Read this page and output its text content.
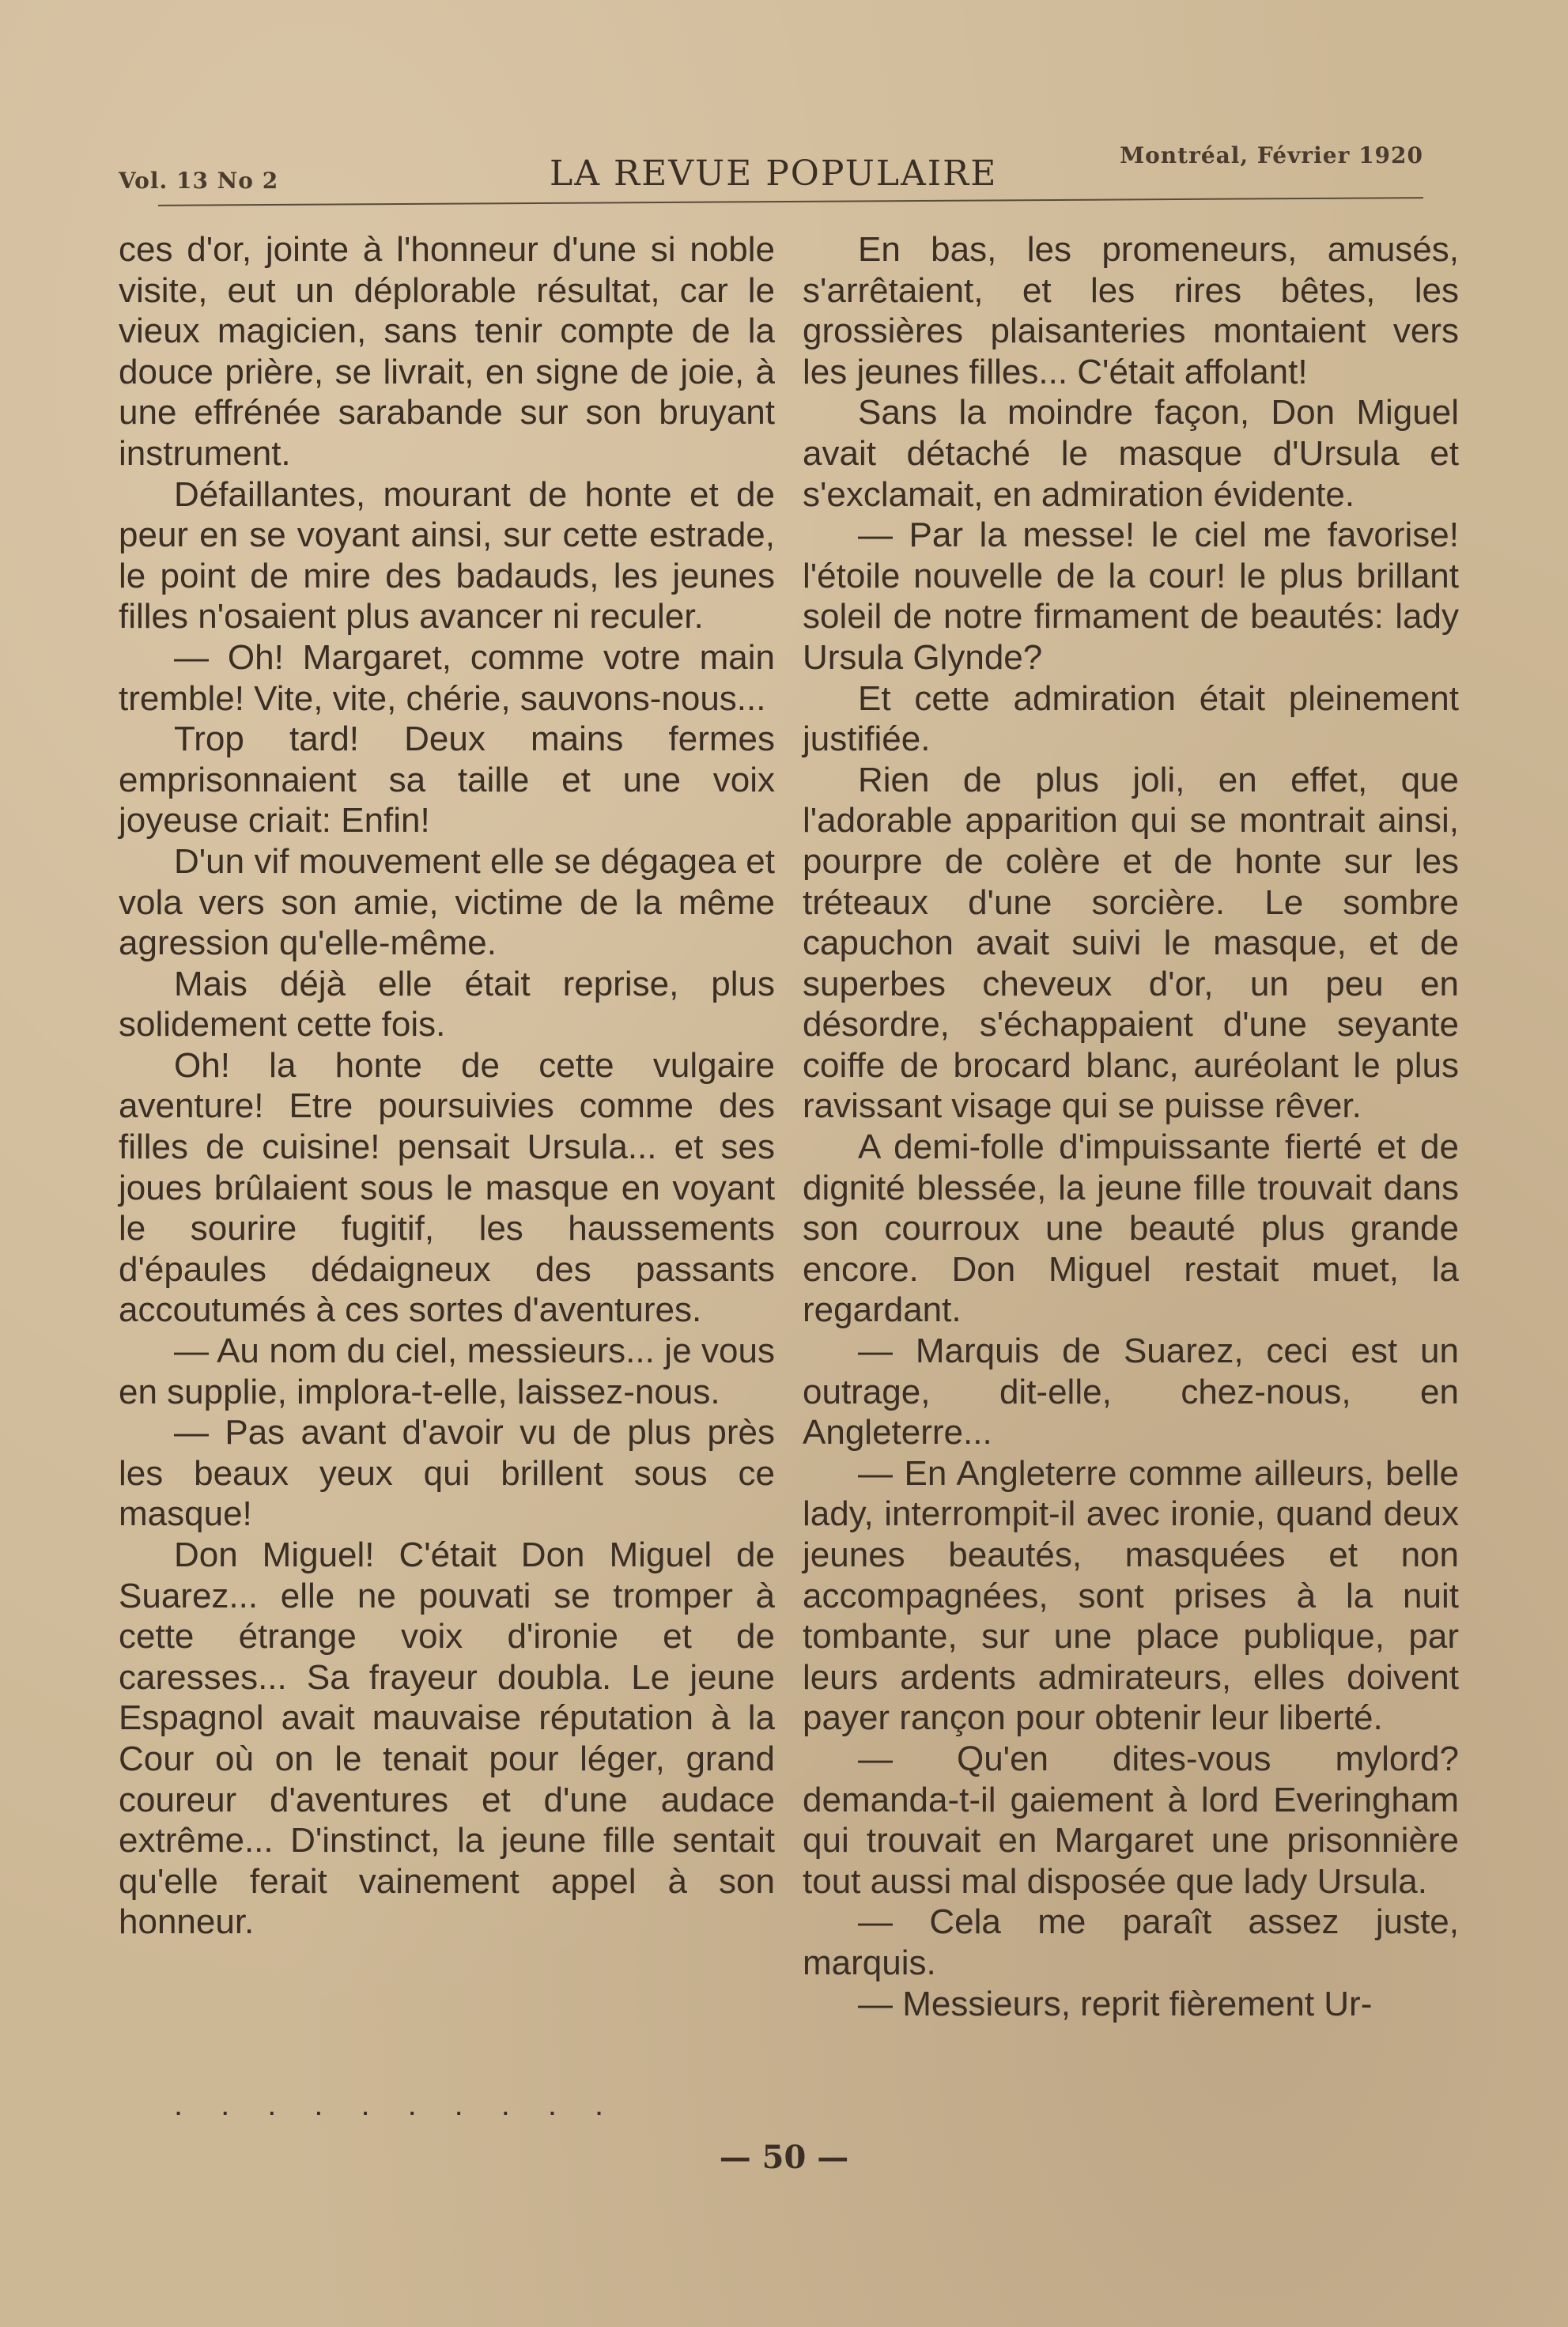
Vol. 13 No 2	LA REVUE POPULAIRE	Montréal, Février 1920

ces d'or, jointe à l'honneur d'une si noble visite, eut un déplorable résultat, car le vieux magicien, sans tenir compte de la douce prière, se livrait, en signe de joie, à une effrénée sarabande sur son bruyant instrument.

Défaillantes, mourant de honte et de peur en se voyant ainsi, sur cette estrade, le point de mire des badauds, les jeunes filles n'osaient plus avancer ni reculer.

— Oh! Margaret, comme votre main tremble! Vite, vite, chérie, sauvons-nous...

Trop tard! Deux mains fermes emprisonnaient sa taille et une voix joyeuse criait: Enfin!

D'un vif mouvement elle se dégagea et vola vers son amie, victime de la même agression qu'elle-même.

Mais déjà elle était reprise, plus solidement cette fois.

Oh! la honte de cette vulgaire aventure! Etre poursuivies comme des filles de cuisine! pensait Ursula... et ses joues brûlaient sous le masque en voyant le sourire fugitif, les haussements d'épaules dédaigneux des passants accoutumés à ces sortes d'aventures.

— Au nom du ciel, messieurs... je vous en supplie, implora-t-elle, laissez-nous.

— Pas avant d'avoir vu de plus près les beaux yeux qui brillent sous ce masque!

Don Miguel! C'était Don Miguel de Suarez... elle ne pouvati se tromper à cette étrange voix d'ironie et de caresses... Sa frayeur doubla. Le jeune Espagnol avait mauvaise réputation à la Cour où on le tenait pour léger, grand coureur d'aventures et d'une audace extrême... D'instinct, la jeune fille sentait qu'elle ferait vainement appel à son honneur.

..........

En bas, les promeneurs, amusés, s'arrêtaient, et les rires bêtes, les grossières plaisanteries montaient vers les jeunes filles... C'était affolant!

Sans la moindre façon, Don Miguel avait détaché le masque d'Ursula et s'exclamait, en admiration évidente.

— Par la messe! le ciel me favorise! l'étoile nouvelle de la cour! le plus brillant soleil de notre firmament de beautés: lady Ursula Glynde?

Et cette admiration était pleinement justifiée.

Rien de plus joli, en effet, que l'adorable apparition qui se montrait ainsi, pourpre de colère et de honte sur les tréteaux d'une sorcière. Le sombre capuchon avait suivi le masque, et de superbes cheveux d'or, un peu en désordre, s'échappaient d'une seyante coiffe de brocard blanc, auréolant le plus ravissant visage qui se puisse rêver.

A demi-folle d'impuissante fierté et de dignité blessée, la jeune fille trouvait dans son courroux une beauté plus grande encore. Don Miguel restait muet, la regardant.

— Marquis de Suarez, ceci est un outrage, dit-elle, chez-nous, en Angleterre...

— En Angleterre comme ailleurs, belle lady, interrompit-il avec ironie, quand deux jeunes beautés, masquées et non accompagnées, sont prises à la nuit tombante, sur une place publique, par leurs ardents admirateurs, elles doivent payer rançon pour obtenir leur liberté.

— Qu'en dites-vous mylord? demanda-t-il gaiement à lord Everingham qui trouvait en Margaret une prisonnière tout aussi mal disposée que lady Ursula.

— Cela me paraît assez juste, marquis.

— Messieurs, reprit fièrement Ur-

— 50 —
